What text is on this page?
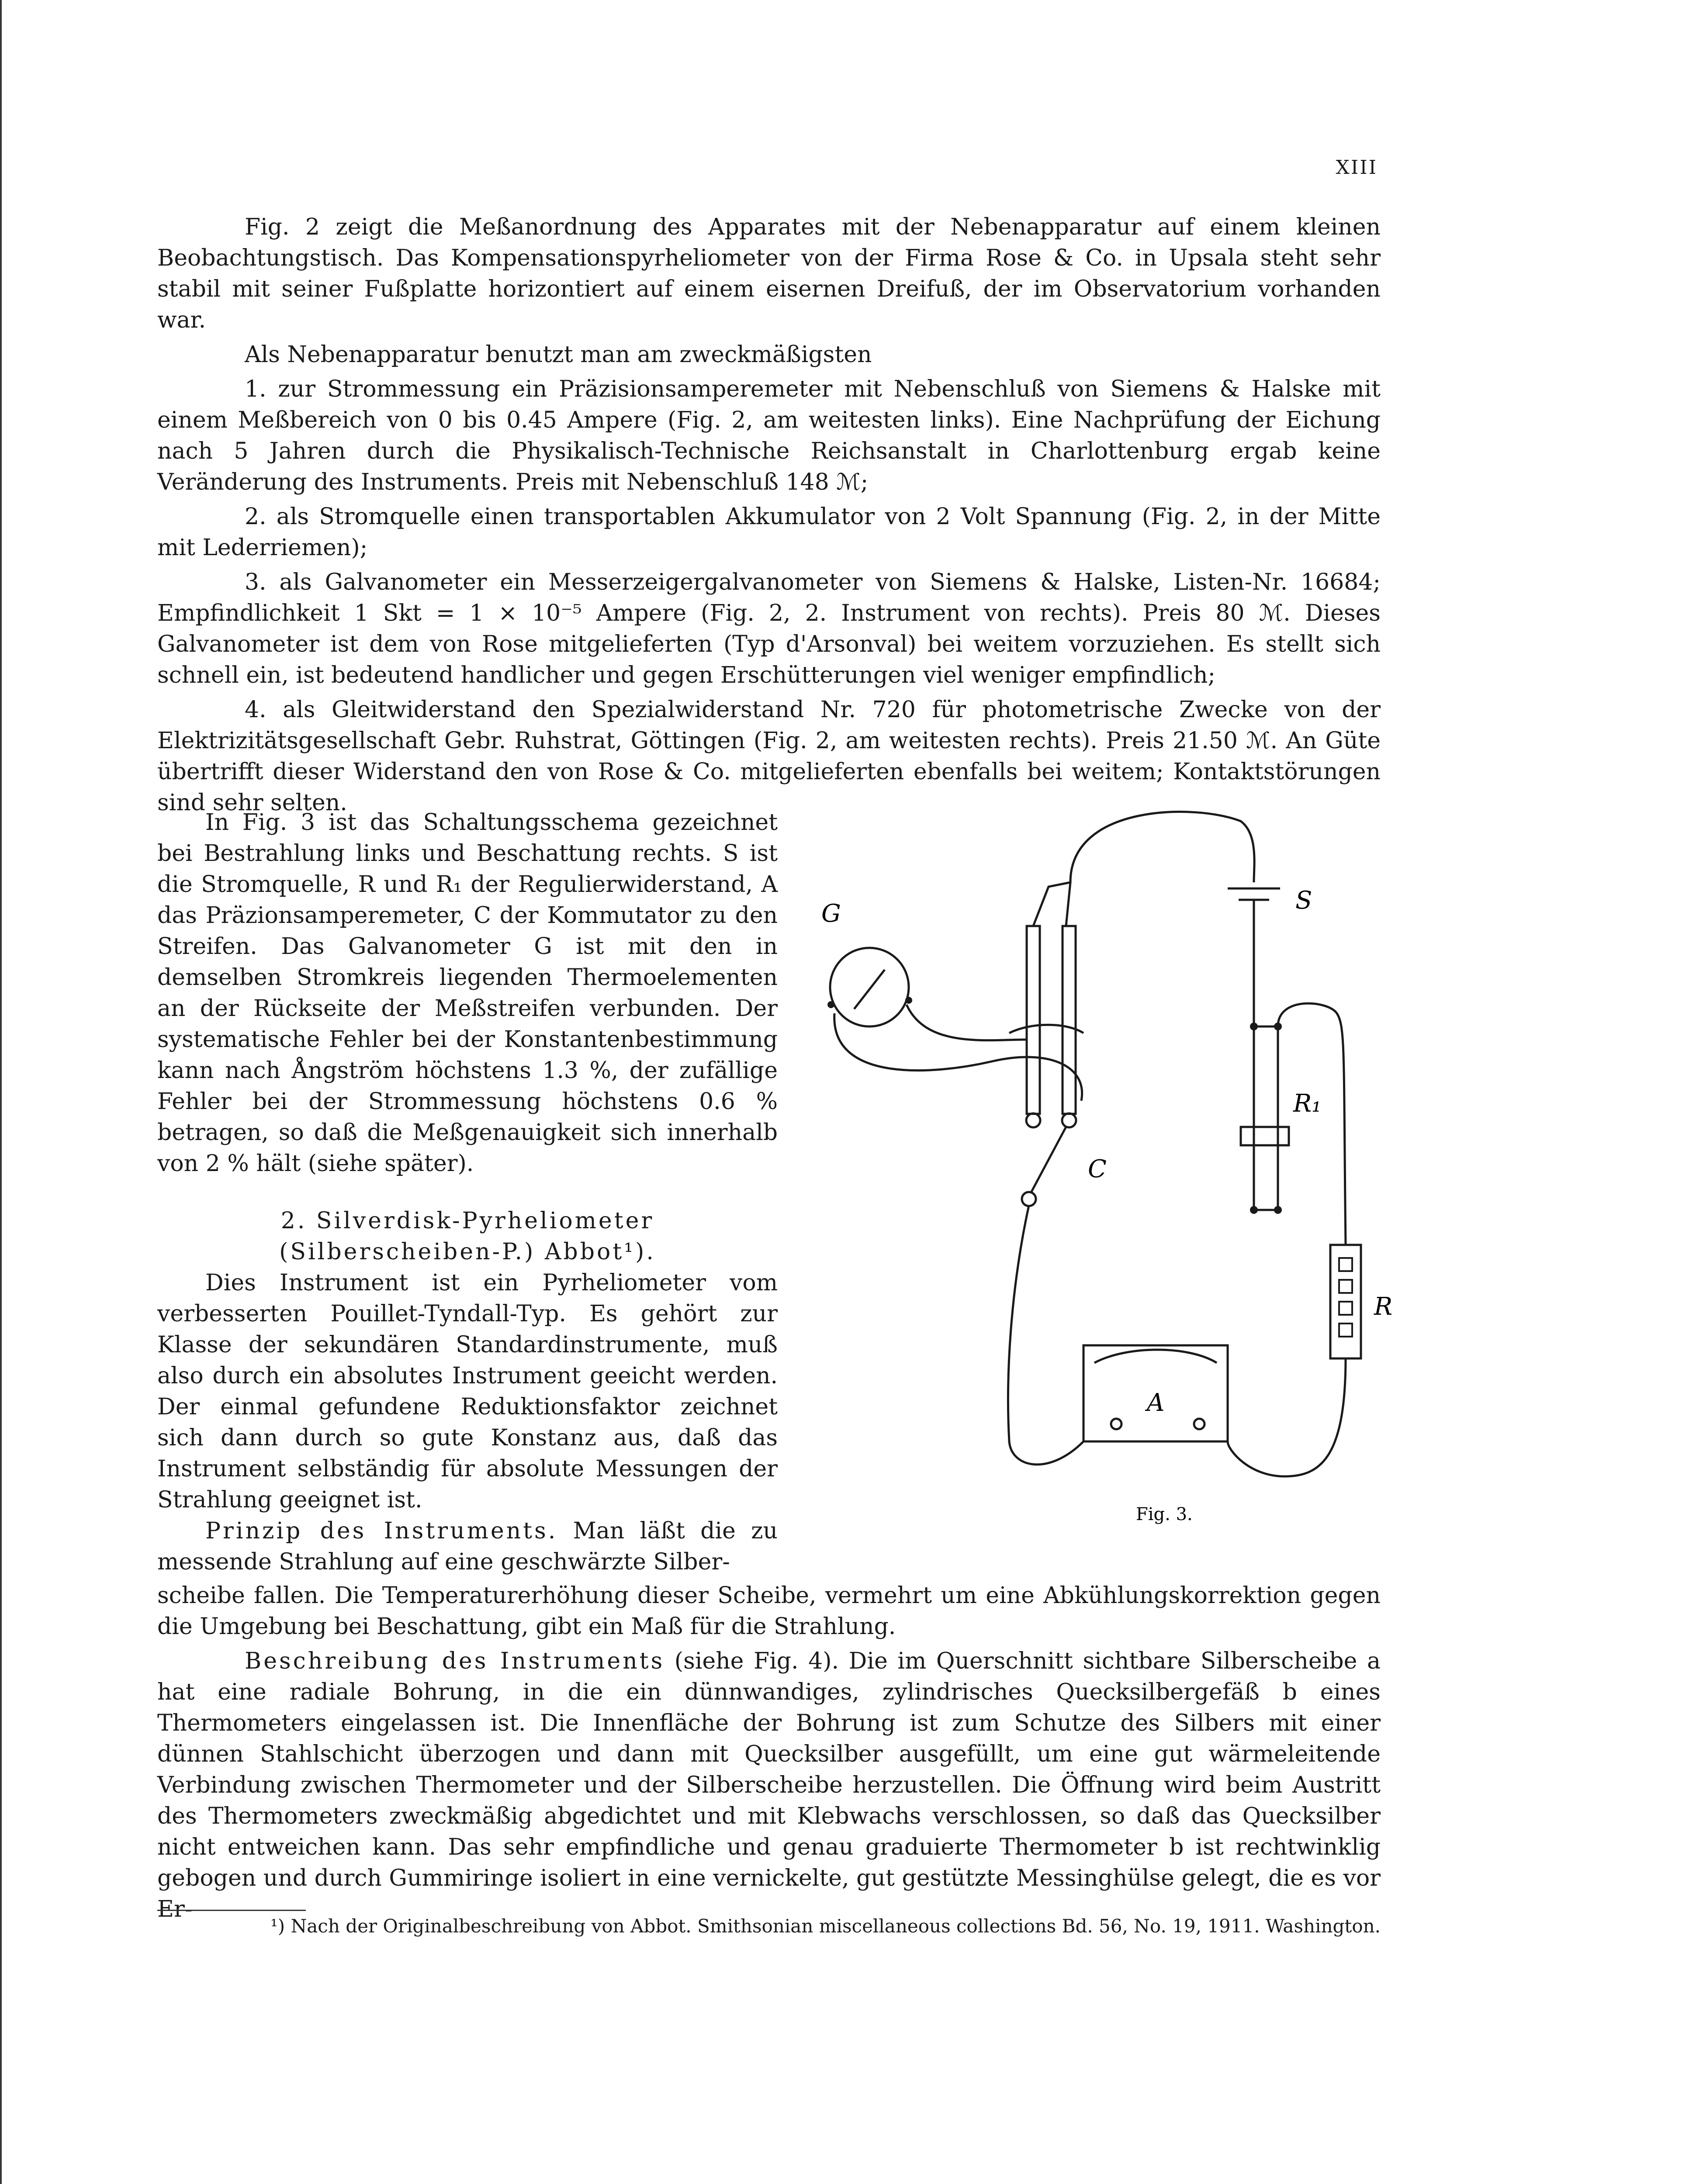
XIII

Fig. 2 zeigt die Meßanordnung des Apparates mit der Nebenapparatur auf einem kleinen Beobachtungstisch. Das Kompensationspyrheliometer von der Firma Rose & Co. in Upsala steht sehr stabil mit seiner Fußplatte horizontiert auf einem eisernen Dreifuß, der im Observatorium vorhanden war.

Als Nebenapparatur benutzt man am zweckmäßigsten

1. zur Strommessung ein Präzisionsamperemeter mit Nebenschluß von Siemens & Halske mit einem Meßbereich von 0 bis 0.45 Ampere (Fig. 2, am weitesten links). Eine Nachprüfung der Eichung nach 5 Jahren durch die Physikalisch-Technische Reichsanstalt in Charlottenburg ergab keine Veränderung des Instruments. Preis mit Nebenschluß 148 ℳ;

2. als Stromquelle einen transportablen Akkumulator von 2 Volt Spannung (Fig. 2, in der Mitte mit Lederriemen);

3. als Galvanometer ein Messerzeigergalvanometer von Siemens & Halske, Listen-Nr. 16684; Empfindlichkeit 1 Skt = 1 × 10⁻⁵ Ampere (Fig. 2, 2. Instrument von rechts). Preis 80 ℳ. Dieses Galvanometer ist dem von Rose mitgelieferten (Typ d'Arsonval) bei weitem vorzuziehen. Es stellt sich schnell ein, ist bedeutend handlicher und gegen Erschütterungen viel weniger empfindlich;

4. als Gleitwiderstand den Spezialwiderstand Nr. 720 für photometrische Zwecke von der Elektrizitätsgesellschaft Gebr. Ruhstrat, Göttingen (Fig. 2, am weitesten rechts). Preis 21.50 ℳ. An Güte übertrifft dieser Widerstand den von Rose & Co. mitgelieferten ebenfalls bei weitem; Kontaktstörungen sind sehr selten.

In Fig. 3 ist das Schaltungsschema gezeichnet bei Bestrahlung links und Beschattung rechts. S ist die Stromquelle, R und R₁ der Regulierwiderstand, A das Präzionsamperemeter, C der Kommutator zu den Streifen. Das Galvanometer G ist mit den in demselben Stromkreis liegenden Thermoelementen an der Rückseite der Meßstreifen verbunden. Der systematische Fehler bei der Konstantenbestimmung kann nach Ångström höchstens 1.3 %, der zufällige Fehler bei der Strommessung höchstens 0.6 % betragen, so daß die Meßgenauigkeit sich innerhalb von 2 % hält (siehe später).

2. Silverdisk-Pyrheliometer

(Silberscheiben-P.) Abbot¹).

Dies Instrument ist ein Pyrheliometer vom verbesserten Pouillet-Tyndall-Typ. Es gehört zur Klasse der sekundären Standardinstrumente, muß also durch ein absolutes Instrument geeicht werden. Der einmal gefundene Reduktionsfaktor zeichnet sich dann durch so gute Konstanz aus, daß das Instrument selbständig für absolute Messungen der Strahlung geeignet ist.

Prinzip des Instruments. Man läßt die zu messende Strahlung auf eine geschwärzte Silber-

scheibe fallen. Die Temperaturerhöhung dieser Scheibe, vermehrt um eine Abkühlungskorrektion gegen die Umgebung bei Beschattung, gibt ein Maß für die Strahlung.

Beschreibung des Instruments (siehe Fig. 4). Die im Querschnitt sichtbare Silberscheibe a hat eine radiale Bohrung, in die ein dünnwandiges, zylindrisches Quecksilbergefäß b eines Thermometers eingelassen ist. Die Innenfläche der Bohrung ist zum Schutze des Silbers mit einer dünnen Stahlschicht überzogen und dann mit Quecksilber ausgefüllt, um eine gut wärmeleitende Verbindung zwischen Thermometer und der Silberscheibe herzustellen. Die Öffnung wird beim Austritt des Thermometers zweckmäßig abgedichtet und mit Klebwachs verschlossen, so daß das Quecksilber nicht entweichen kann. Das sehr empfindliche und genau graduierte Thermometer b ist rechtwinklig gebogen und durch Gummiringe isoliert in eine vernickelte, gut gestützte Messinghülse gelegt, die es vor Er-

¹) Nach der Originalbeschreibung von Abbot. Smithsonian miscellaneous collections Bd. 56, No. 19, 1911. Washington.
G	S
R₁
C
R
A
Fig. 3.
